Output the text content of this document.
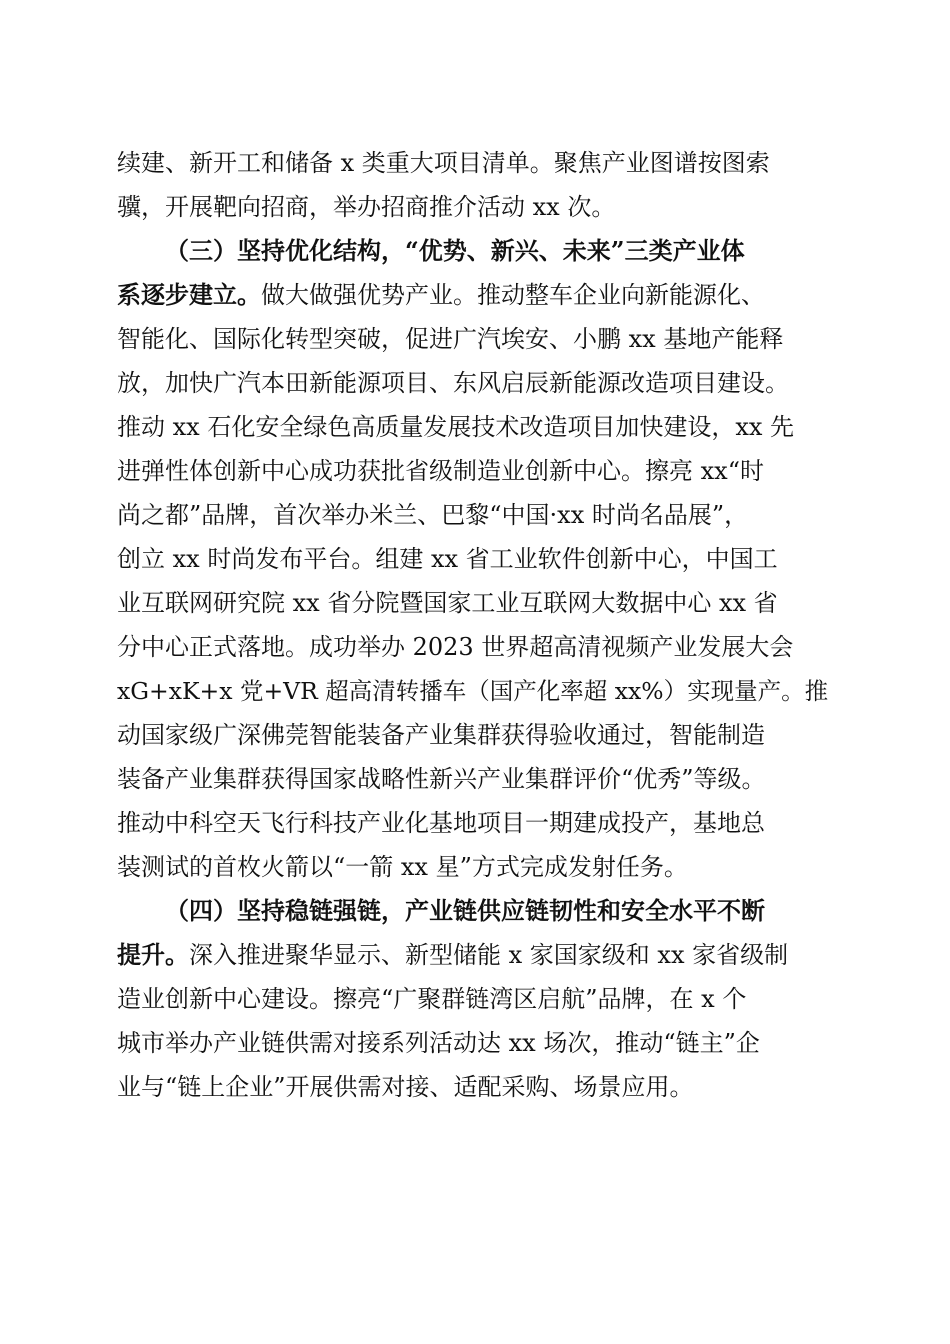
续建、新开工和储备 x 类重大项目清单。聚焦产业图谱按图索
骥，开展靶向招商，举办招商推介活动 xx 次。
（三）坚持优化结构，“优势、新兴、未来”三类产业体
系逐步建立。做大做强优势产业。推动整车企业向新能源化、
智能化、国际化转型突破，促进广汽埃安、小鹏 xx 基地产能释
放，加快广汽本田新能源项目、东风启辰新能源改造项目建设。
推动 xx 石化安全绿色高质量发展技术改造项目加快建设，xx 先
进弹性体创新中心成功获批省级制造业创新中心。擦亮 xx“时
尚之都”品牌，首次举办米兰、巴黎“中国·xx 时尚名品展”，
创立 xx 时尚发布平台。组建 xx 省工业软件创新中心，中国工
业互联网研究院 xx 省分院暨国家工业互联网大数据中心 xx 省
分中心正式落地。成功举办 2023 世界超高清视频产业发展大会
xG+xK+x 党+VR 超高清转播车（国产化率超 xx%）实现量产。推
动国家级广深佛莞智能装备产业集群获得验收通过，智能制造
装备产业集群获得国家战略性新兴产业集群评价“优秀”等级。
推动中科空天飞行科技产业化基地项目一期建成投产，基地总
装测试的首枚火箭以“一箭 xx 星”方式完成发射任务。
（四）坚持稳链强链，产业链供应链韧性和安全水平不断
提升。深入推进聚华显示、新型储能 x 家国家级和 xx 家省级制
造业创新中心建设。擦亮“广聚群链湾区启航”品牌，在 x 个
城市举办产业链供需对接系列活动达 xx 场次，推动“链主”企
业与“链上企业”开展供需对接、适配采购、场景应用。
